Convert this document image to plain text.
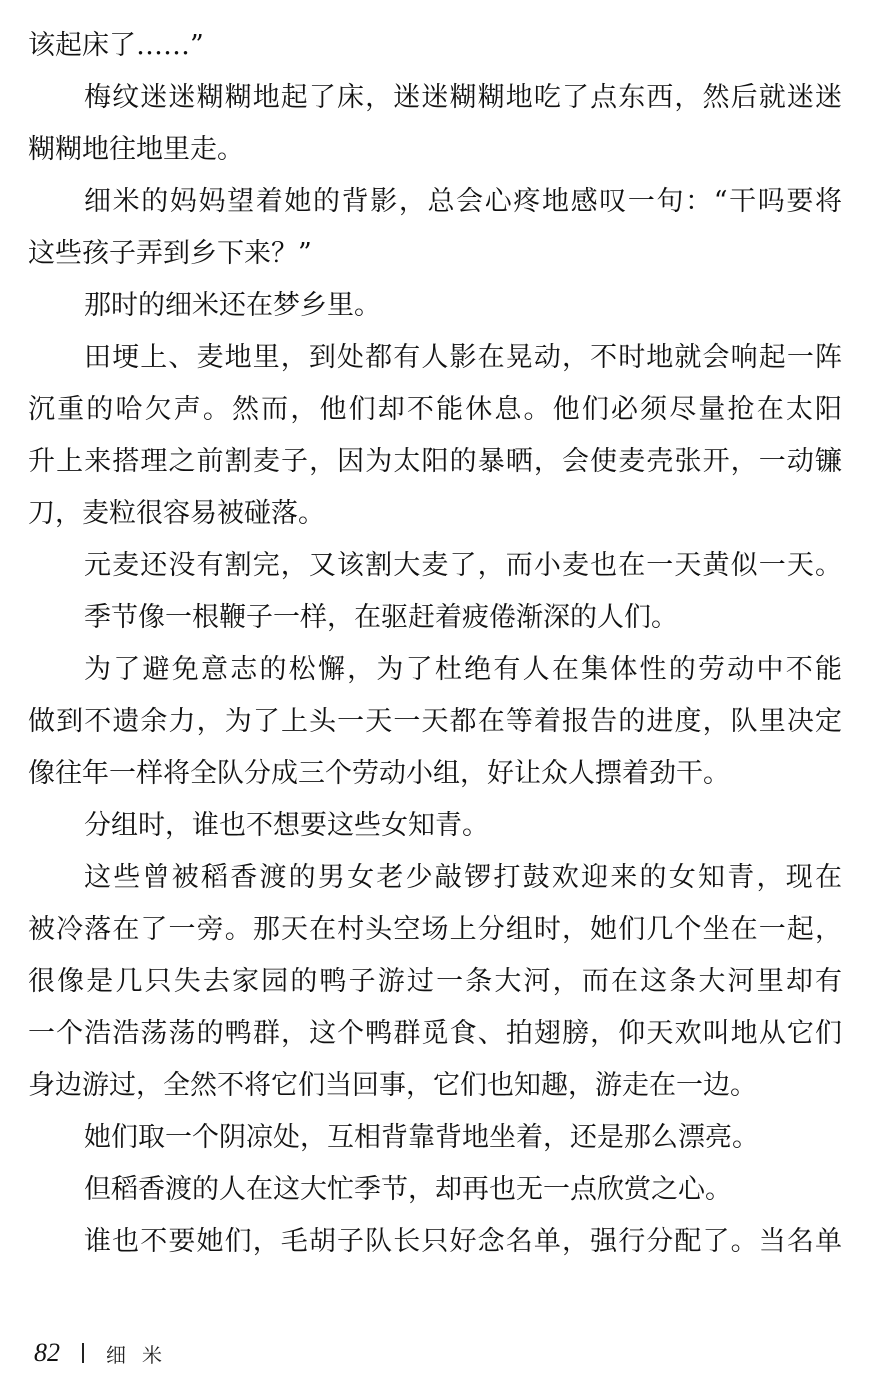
该起床了……”
梅纹迷迷糊糊地起了床，迷迷糊糊地吃了点东西，然后就迷迷
糊糊地往地里走。
细米的妈妈望着她的背影，总会心疼地感叹一句：“干吗要将
这些孩子弄到乡下来？”
那时的细米还在梦乡里。
田埂上、麦地里，到处都有人影在晃动，不时地就会响起一阵
沉重的哈欠声。然而，他们却不能休息。他们必须尽量抢在太阳
升上来搭理之前割麦子，因为太阳的暴晒，会使麦壳张开，一动镰
刀，麦粒很容易被碰落。
元麦还没有割完，又该割大麦了，而小麦也在一天黄似一天。
季节像一根鞭子一样，在驱赶着疲倦渐深的人们。
为了避免意志的松懈，为了杜绝有人在集体性的劳动中不能
做到不遗余力，为了上头一天一天都在等着报告的进度，队里决定
像往年一样将全队分成三个劳动小组，好让众人摽着劲干。
分组时，谁也不想要这些女知青。
这些曾被稻香渡的男女老少敲锣打鼓欢迎来的女知青，现在
被冷落在了一旁。那天在村头空场上分组时，她们几个坐在一起，
很像是几只失去家园的鸭子游过一条大河，而在这条大河里却有
一个浩浩荡荡的鸭群，这个鸭群觅食、拍翅膀，仰天欢叫地从它们
身边游过，全然不将它们当回事，它们也知趣，游走在一边。
她们取一个阴凉处，互相背靠背地坐着，还是那么漂亮。
但稻香渡的人在这大忙季节，却再也无一点欣赏之心。
谁也不要她们，毛胡子队长只好念名单，强行分配了。当名单
82 细米
